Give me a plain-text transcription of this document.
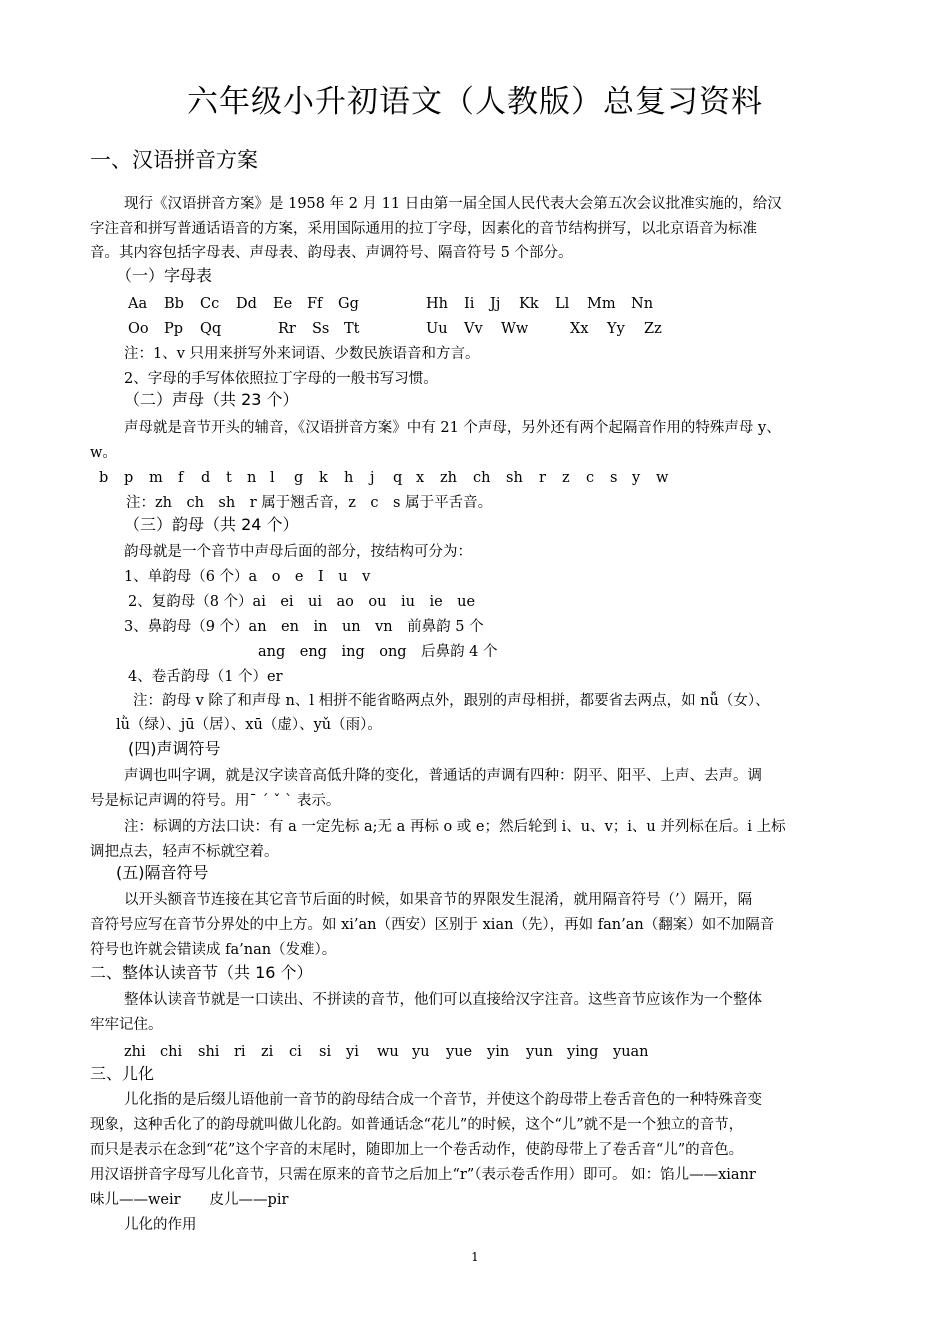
六年级小升初语文（人教版）总复习资料
一、汉语拼音方案
现行《汉语拼音方案》是 1958 年 2 月 11 日由第一届全国人民代表大会第五次会议批准实施的，给汉
字注音和拼写普通话语音的方案，采用国际通用的拉丁字母，因素化的音节结构拼写，以北京语音为标准
音。其内容包括字母表、声母表、韵母表、声调符号、隔音符号 5 个部分。
（一）字母表
Aa Bb Cc Dd Ee Ff Gg	Hh Ii Jj Kk Ll Mm Nn
Oo Pp Qq	Rr Ss Tt	Uu Vv Ww	Xx Yy Zz
注：1、v 只用来拼写外来词语、少数民族语音和方言。
2、字母的手写体依照拉丁字母的一般书写习惯。
（二）声母（共 23 个）
声母就是音节开头的辅音，《汉语拼音方案》中有 21 个声母，另外还有两个起隔音作用的特殊声母 y、
w。
b p m f d t n l g k h j q x zh ch sh r z c s y w
注：zh　ch　sh　r 属于翘舌音，z　c　s 属于平舌音。
（三）韵母（共 24 个）
韵母就是一个音节中声母后面的部分，按结构可分为：
1、单韵母（6 个）a　o　e　I　u　v
2、复韵母（8 个）ai　ei　ui　ao　ou　iu　ie　ue
3、鼻韵母（9 个）an　en　in　un　vn　前鼻韵 5 个
ang　eng　ing　ong　后鼻韵 4 个
4、卷舌韵母（1 个）er
注：韵母 v 除了和声母 n、l 相拼不能省略两点外，跟别的声母相拼，都要省去两点，如 nǚ（女）、
lǜ（绿）、jū（居）、xū（虚）、yǔ（雨）。
(四)声调符号
声调也叫字调，就是汉字读音高低升降的变化，普通话的声调有四种：阴平、阳平、上声、去声。调
号是标记声调的符号。用ˉ ˊ ˇ ˋ 表示。
注：标调的方法口诀：有 a 一定先标 a;无 a 再标 o 或 e；然后轮到 i、u、v；i、u 并列标在后。i 上标
调把点去，轻声不标就空着。
(五)隔音符号
以开头额音节连接在其它音节后面的时候，如果音节的界限发生混淆，就用隔音符号（’）隔开，隔
音符号应写在音节分界处的中上方。如 xi’an（西安）区别于 xian（先），再如 fan’an（翻案）如不加隔音
符号也许就会错读成 fa’nan（发难）。
二、整体认读音节（共 16 个）
整体认读音节就是一口读出、不拼读的音节，他们可以直接给汉字注音。这些音节应该作为一个整体
牢牢记住。
zhi chi shi ri zi ci si yi wu yu yue yin yun ying yuan
三、儿化
儿化指的是后缀儿语他前一音节的韵母结合成一个音节，并使这个韵母带上卷舌音色的一种特殊音变
现象，这种舌化了的韵母就叫做儿化韵。如普通话念“花儿”的时候，这个“儿”就不是一个独立的音节，
而只是表示在念到“花”这个字音的末尾时，随即加上一个卷舌动作，使韵母带上了卷舌音“儿”的音色。
用汉语拼音字母写儿化音节，只需在原来的音节之后加上“r”（表示卷舌作用）即可。 如：馅儿——xianr
味儿——weir　　皮儿——pir
儿化的作用
1
